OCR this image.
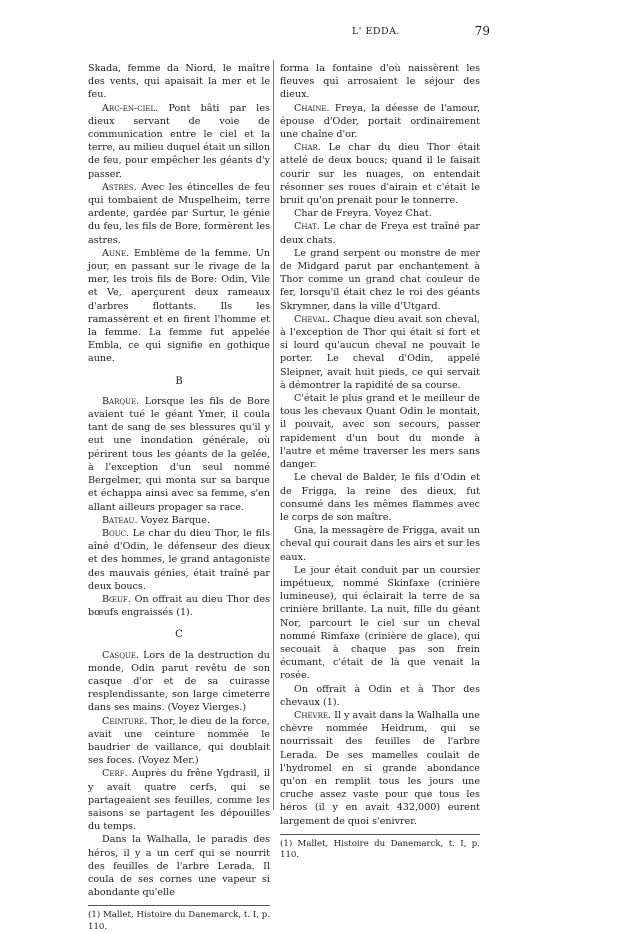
L' EDDA.	79

Skada, femme da Niord, le maître des vents, qui apaisait la mer et le feu.

Arc-en-ciel. Pont bâti par les dieux servant de voie de communication entre le ciel et la terre, au milieu duquel était un sillon de feu, pour empêcher les géants d'y passer.

Astres. Avec les étincelles de feu qui tombaient de Muspelheim, terre ardente, gardée par Surtur, le génie du feu, les fils de Bore, formèrent les astres.

Aune. Emblème de la femme. Un jour, en passant sur le rivage de la mer, les trois fils de Bore: Odin, Vile et Ve, aperçurent deux rameaux d'arbres flottants. Ils les ramassèrent et en firent l'homme et la femme. La femme fut appelée Embla, ce qui signifie en gothique aune.

B

Barque. Lorsque les fils de Bore avaient tué le géant Ymer, il coula tant de sang de ses blessures qu'il y eut une inondation générale, où périrent tous les géants de la gelée, à l'exception d'un seul nommé Bergelmer, qui monta sur sa barque et échappa ainsi avec sa femme, s'en allant ailleurs propager sa race.

Bateau. Voyez Barque.

Bouc. Le char du dieu Thor, le fils aîné d'Odin, le défenseur des dieux et des hommes, le grand antagoniste des mauvais génies, était traîné par deux boucs.

Bœuf. On offrait au dieu Thor des bœufs engraissés (1).

C

Casque. Lors de la destruction du monde, Odin parut revêtu de son casque d'or et de sa cuirasse resplendissante, son large cimeterre dans ses mains. (Voyez Vierges.)

Ceinture. Thor, le dieu de la force, avait une ceinture nommée le baudrier de vaillance, qui doublait ses foces. (Voyez Mer.)

Cerf. Auprès du frêne Ygdrasil, il y avait quatre cerfs, qui se partageaient ses feuilles, comme les saisons se partagent les dépouilles du temps.

Dans la Walhalla, le paradis des héros, il y a un cerf qui se nourrit des feuilles de l'arbre Lerada. Il coula de ses cornes une vapeur si abondante qu'elle

(1) Mallet, Histoire du Danemarck, t. I, p. 110.

forma la fontaine d'où naissèrent les fleuves qui arrosaient le séjour des dieux.

Chaine. Freya, la déesse de l'amour, épouse d'Oder, portait ordinairement une chaîne d'or.

Char. Le char du dieu Thor était attelé de deux boucs; quand il le faisait courir sur les nuages, on entendait résonner ses roues d'airain et c'était le bruit qu'on prenait pour le tonnerre.

Char de Freyra. Voyez Chat.

Chat. Le char de Freya est traîné par deux chats.

Le grand serpent ou monstre de mer de Midgard parut par enchantement à Thor comme un grand chat couleur de fer, lorsqu'il était chez le roi des géants Skrymner, dans la ville d'Utgard.

Cheval. Chaque dieu avait son cheval, à l'exception de Thor qui était si fort et si lourd qu'aucun cheval ne pouvait le porter. Le cheval d'Odin, appelé Sleipner, avait huit pieds, ce qui servait à démontrer la rapidité de sa course.

C'était le plus grand et le meilleur de tous les chevaux Quant Odin le montait, il pouvait, avec son secours, passer rapidement d'un bout du monde à l'autre et même traverser les mers sans danger.

Le cheval de Balder, le fils d'Odin et de Frigga, la reine des dieux, fut consumé dans les mêmes flammes avec le corps de son maître.

Gna, la messagère de Frigga, avait un cheval qui courait dans les airs et sur les eaux.

Le jour était conduit par un coursier impétueux, nommé Skinfaxe (crinière lumineuse), qui éclairait la terre de sa crinière brillante. La nuit, fille du géant Nor, parcourt le ciel sur un cheval nommé Rimfaxe (crinière de glace), qui secouait à chaque pas son frein écumant, c'était de là que venait la rosée.

On offrait à Odin et à Thor des chevaux (1).

Chèvre. Il y avait dans la Walhalla une chèvre nommée Heidrum, qui se nourrissait des feuilles de l'arbre Lerada. De ses mamelles coulait de l'hydromel en si grande abondance qu'on en remplit tous les jours une cruche assez vaste pour que tous les héros (il y en avait 432,000) eurent largement de quoi s'enivrer.

(1) Mallet, Histoire du Danemarck, t. I, p. 110.
